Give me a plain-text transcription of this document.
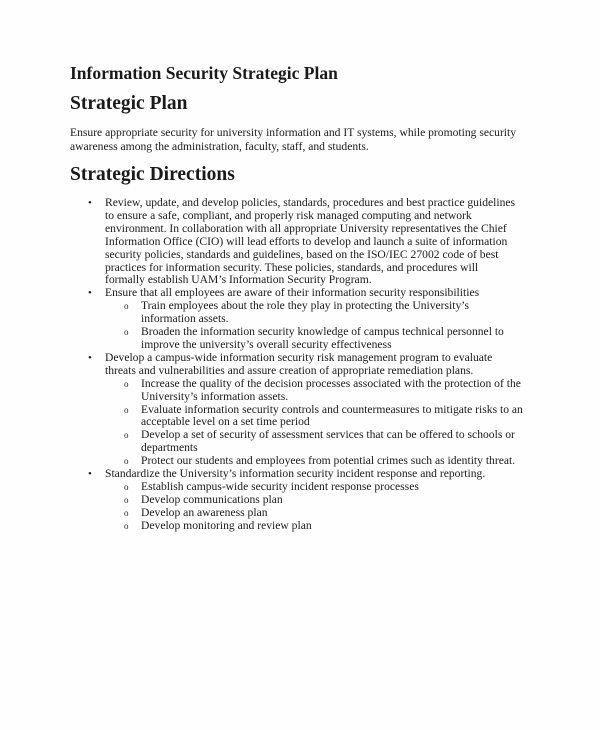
Information Security Strategic Plan
Strategic Plan
Ensure appropriate security for university information and IT systems, while promoting security
awareness among the administration, faculty, staff, and students.
Strategic Directions
• Review, update, and develop policies, standards, procedures and best practice guidelines
to ensure a safe, compliant, and properly risk managed computing and network
environment. In collaboration with all appropriate University representatives the Chief
Information Office (CIO) will lead efforts to develop and launch a suite of information
security policies, standards and guidelines, based on the ISO/IEC 27002 code of best
practices for information security. These policies, standards, and procedures will
formally establish UAM’s Information Security Program.
• Ensure that all employees are aware of their information security responsibilities
o Train employees about the role they play in protecting the University’s
information assets.
o Broaden the information security knowledge of campus technical personnel to
improve the university’s overall security effectiveness
• Develop a campus-wide information security risk management program to evaluate
threats and vulnerabilities and assure creation of appropriate remediation plans.
o Increase the quality of the decision processes associated with the protection of the
University’s information assets.
o Evaluate information security controls and countermeasures to mitigate risks to an
acceptable level on a set time period
o Develop a set of security of assessment services that can be offered to schools or
departments
o Protect our students and employees from potential crimes such as identity threat.
• Standardize the University’s information security incident response and reporting.
o Establish campus-wide security incident response processes
o Develop communications plan
o Develop an awareness plan
o Develop monitoring and review plan
